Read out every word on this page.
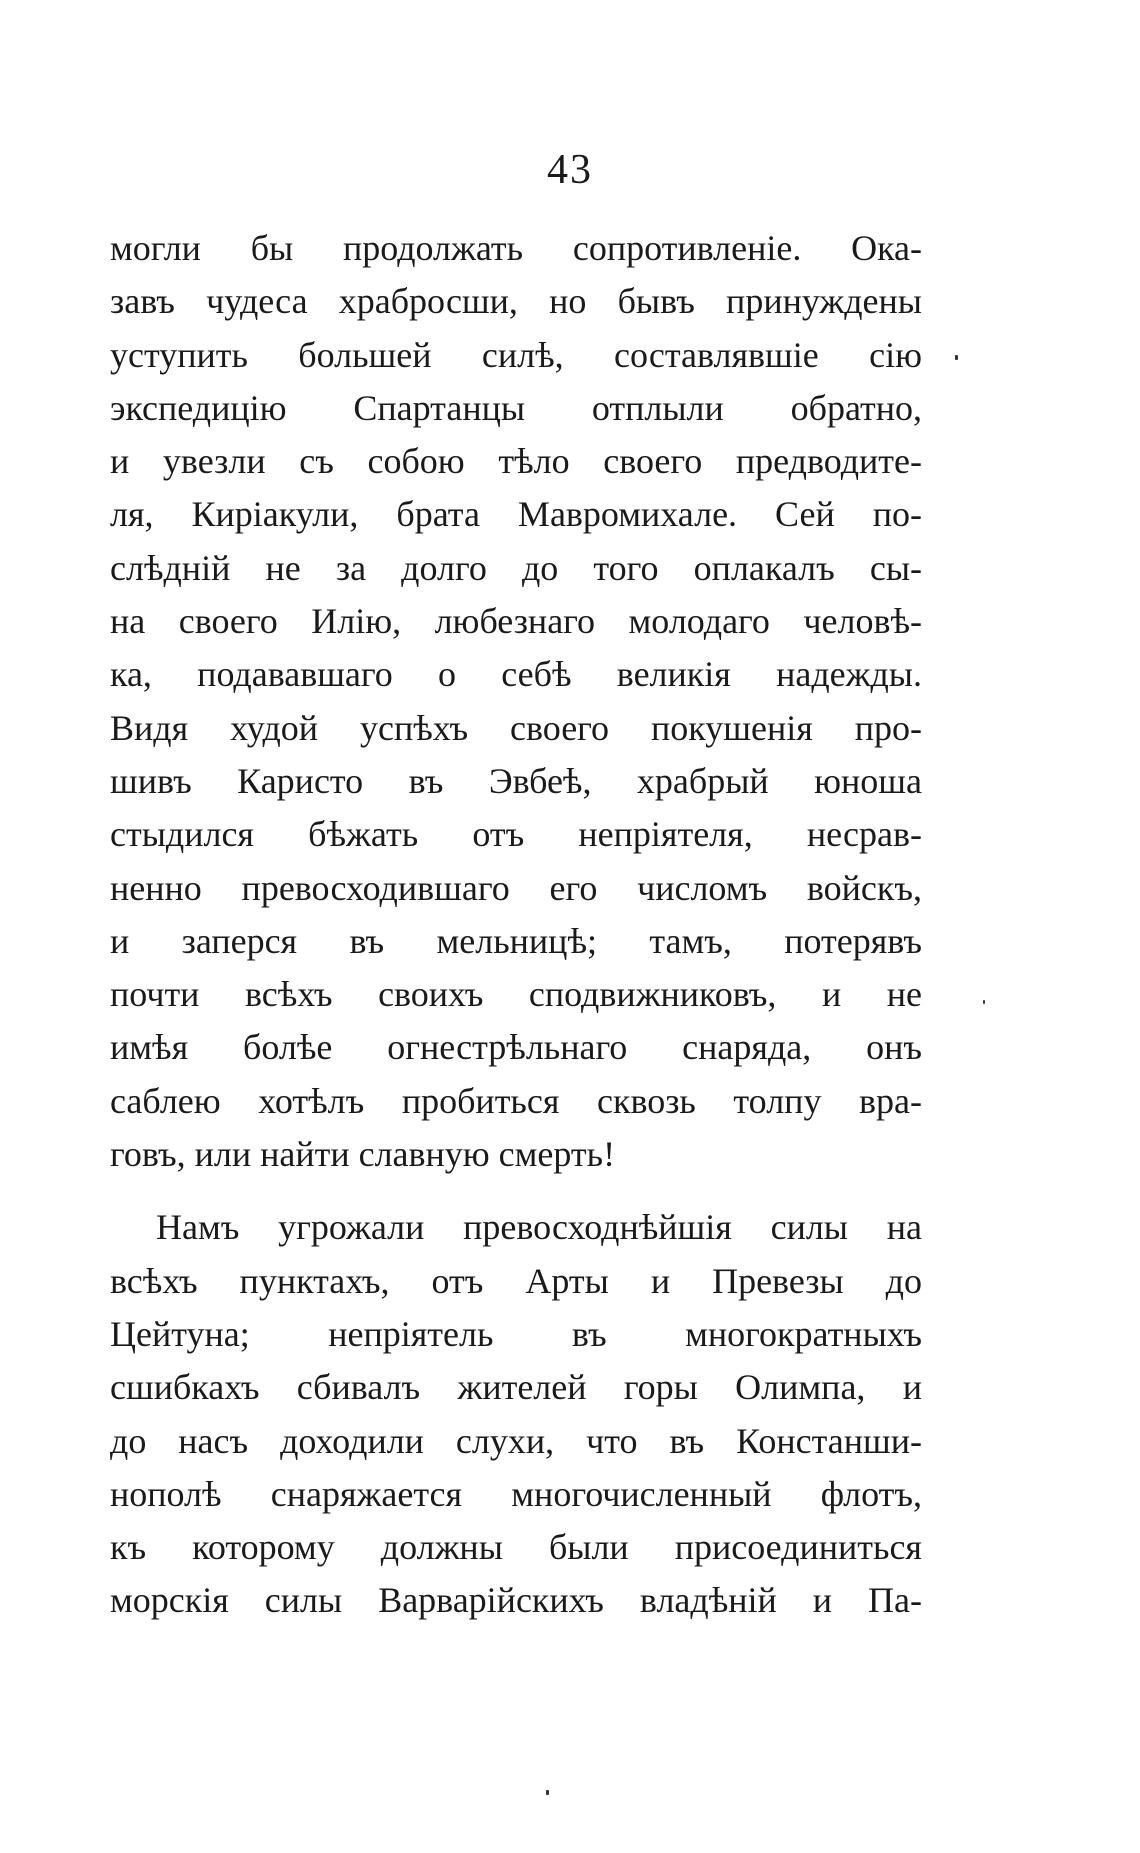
43
могли бы продолжать сопротивленіе. Ока-
завъ чудеса храбросши, но бывъ принуждены
уступить большей силѣ, составлявшіе сію
экспедицію Спартанцы отплыли обратно,
и увезли съ собою тѣло своего предводите-
ля, Киріакули, брата Мавромихале. Сей по-
слѣдній не за долго до того оплакалъ сы-
на своего Илію, любезнаго молодаго человѣ-
ка, подававшаго о себѣ великія надежды.
Видя худой успѣхъ своего покушенія про-
шивъ Каристо въ Эвбеѣ, храбрый юноша
стыдился бѣжать отъ непріятеля, несрав-
ненно превосходившаго его числомъ войскъ,
и заперся въ мельницѣ; тамъ, потерявъ
почти всѣхъ своихъ сподвижниковъ, и не
имѣя болѣе огнестрѣльнаго снаряда, онъ
саблею хотѣлъ пробиться сквозь толпу вра-
говъ, или найти славную смерть!
Намъ угрожали превосходнѣйшія силы на
всѣхъ пунктахъ, отъ Арты и Превезы до
Цейтуна; непріятель въ многократныхъ
сшибкахъ сбивалъ жителей горы Олимпа, и
до насъ доходили слухи, что въ Констанши-
нополѣ снаряжается многочисленный флотъ,
къ которому должны были присоединиться
морскія силы Варварійскихъ владѣній и Па-
